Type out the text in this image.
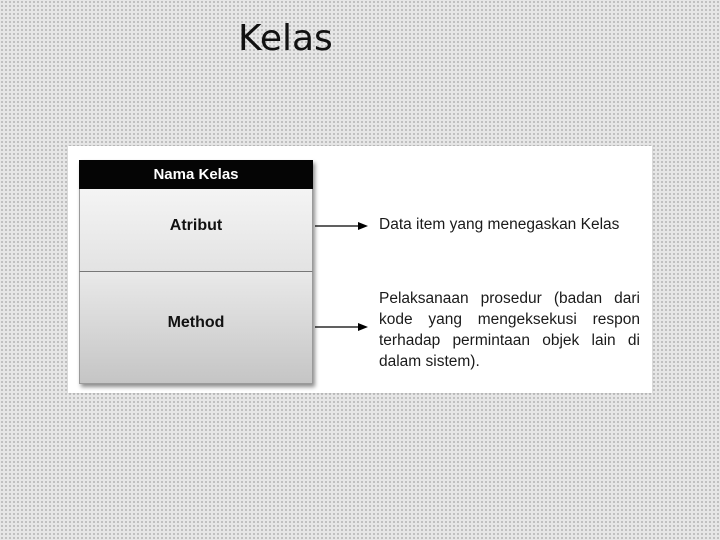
Kelas
Nama Kelas
Atribut
Method
Data item yang menegaskan Kelas
Pelaksanaan prosedur (badan dari kode yang mengeksekusi respon terhadap permintaan objek lain di dalam sistem).
